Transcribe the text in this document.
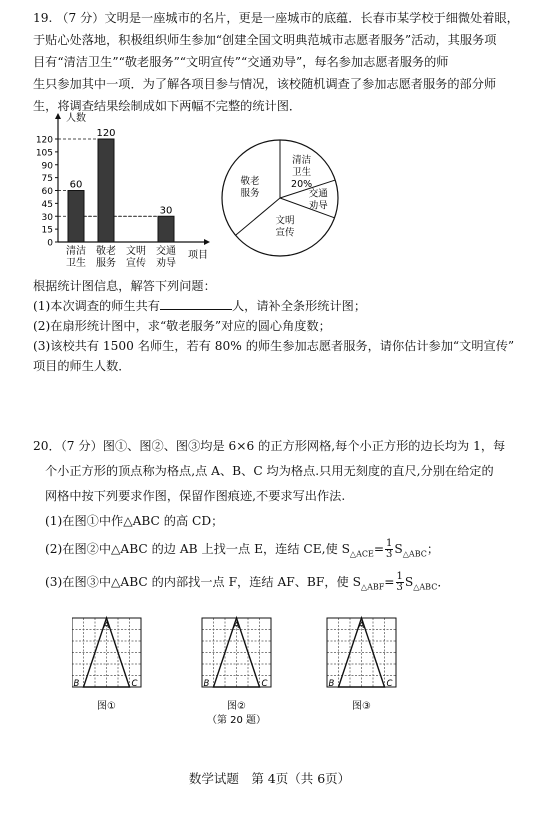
19. （7 分）文明是一座城市的名片，更是一座城市的底蕴．长春市某学校于细微处着眼，
于贴心处落地，积极组织师生参加“创建全国文明典范城市志愿者服务”活动，其服务项
目有“清洁卫生”“敬老服务”“文明宣传”“交通劝导”，每名参加志愿者服务的师
生只参加其中一项．为了解各项目参与情况，该校随机调查了参加志愿者服务的部分师
生，将调查结果绘制成如下两幅不完整的统计图．
0
15
30
45
60
75
90
105
120
60
120
30
清洁
卫生
敬老
服务
文明
宣传
交通
劝导
人数
项目
清洁
卫生
20%
交通
劝导
文明
宣传
敬老
服务
根据统计图信息，解答下列问题：
(1)本次调查的师生共有	人，请补全条形统计图；
(2)在扇形统计图中，求“敬老服务”对应的圆心角度数；
(3)该校共有 1500 名师生，若有 80% 的师生参加志愿者服务，请你估计参加“文明宣传”
项目的师生人数．
20．（7 分）图①、图②、图③均是 6×6 的正方形网格,每个小正方形的边长均为 1，每
个小正方形的顶点称为格点,点 A、B、C 均为格点.只用无刻度的直尺,分别在给定的
网格中按下列要求作图，保留作图痕迹,不要求写出作法.
(1)在图①中作△ABC 的高 CD；
(2)在图②中△ABC 的边 AB 上找一点 E，连结 CE,使 $S_{\triangle ACE}= \frac{1}{3} S_{\triangle ABC}$；
(3)在图③中△ABC 的内部找一点 F，连结 AF、BF，使 $S_{\triangle ABF}= \frac{1}{3} S_{\triangle ABC}$．
A
B	C
图①
A
B	C
图②
A
B	C
图③
（第 20 题）
数学试题　第 4页（共 6页）
